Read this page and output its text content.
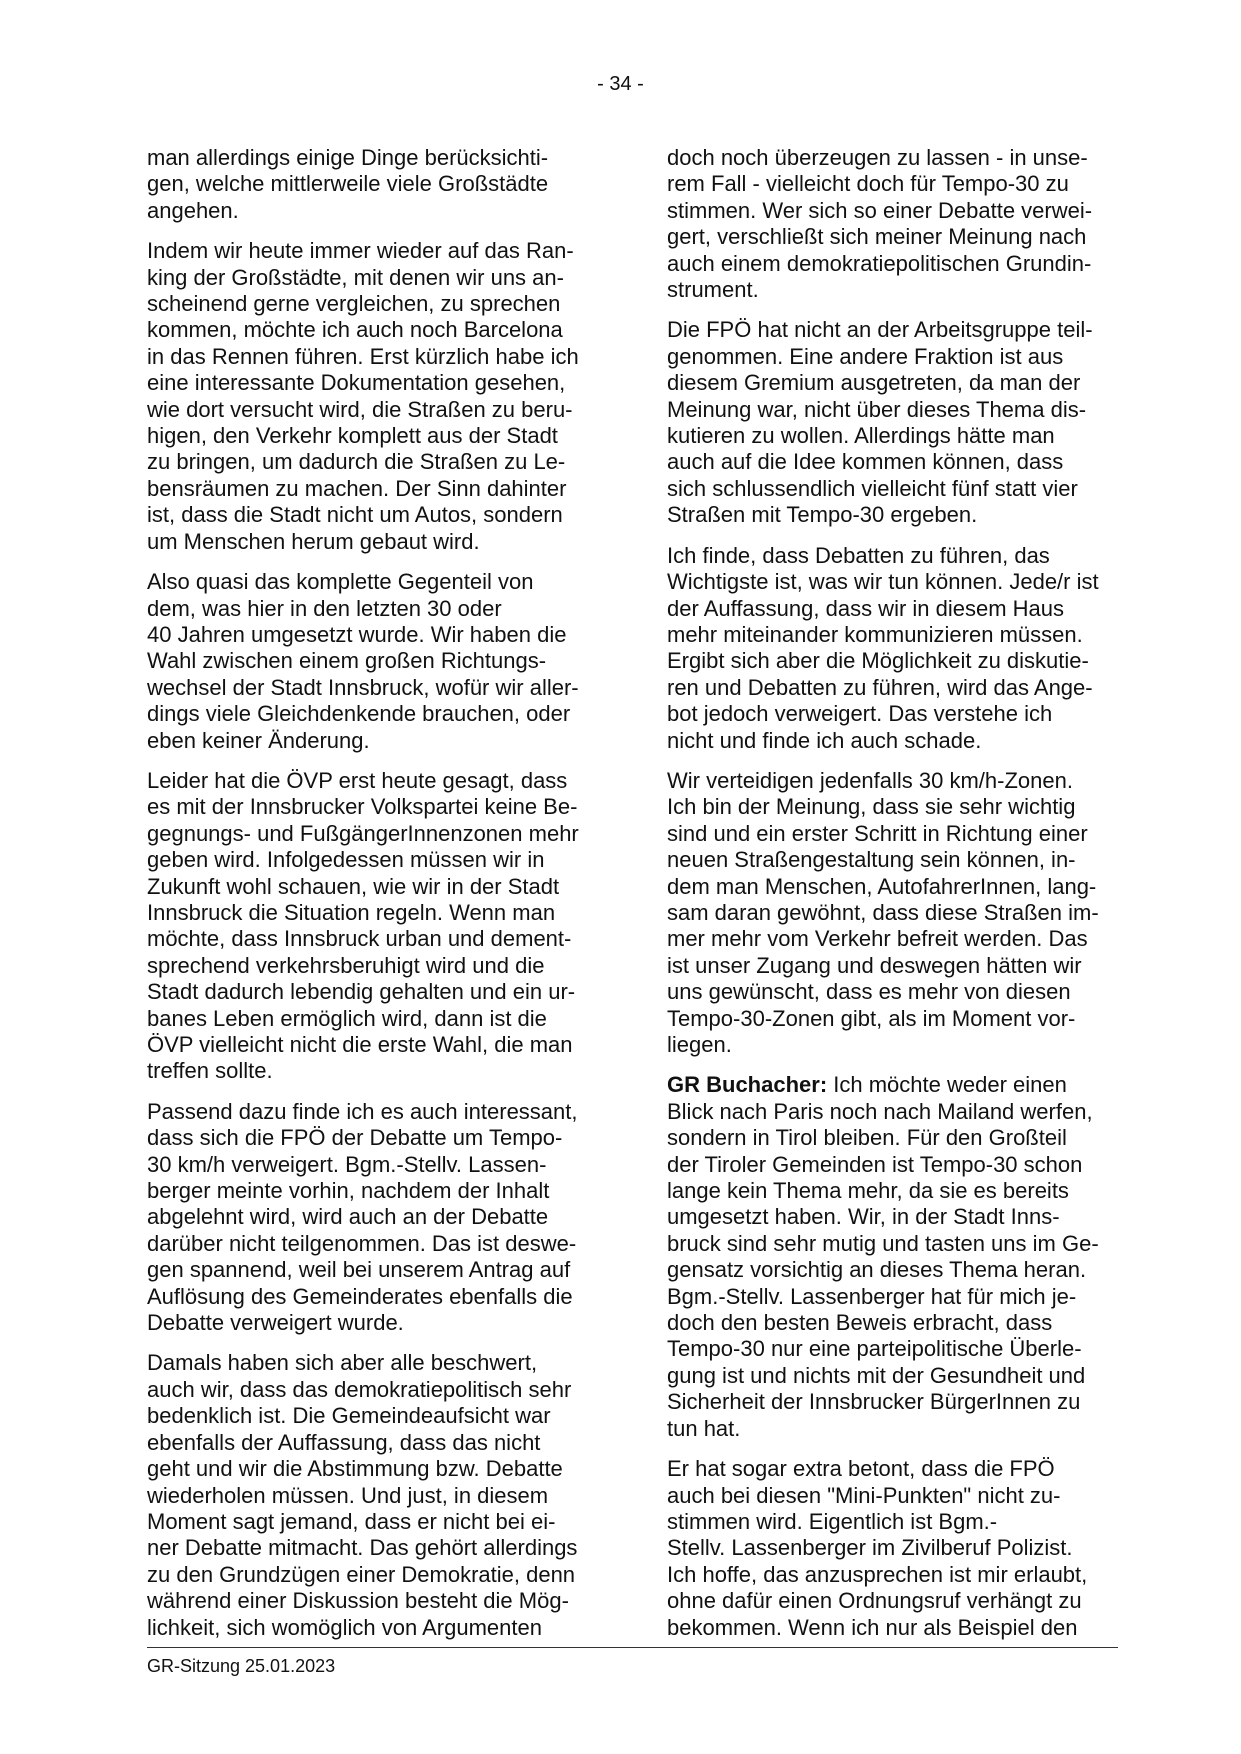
- 34 -

man allerdings einige Dinge berücksichti-
gen, welche mittlerweile viele Großstädte
angehen.

Indem wir heute immer wieder auf das Ran-
king der Großstädte, mit denen wir uns an-
scheinend gerne vergleichen, zu sprechen
kommen, möchte ich auch noch Barcelona
in das Rennen führen. Erst kürzlich habe ich
eine interessante Dokumentation gesehen,
wie dort versucht wird, die Straßen zu beru-
higen, den Verkehr komplett aus der Stadt
zu bringen, um dadurch die Straßen zu Le-
bensräumen zu machen. Der Sinn dahinter
ist, dass die Stadt nicht um Autos, sondern
um Menschen herum gebaut wird.

Also quasi das komplette Gegenteil von
dem, was hier in den letzten 30 oder
40 Jahren umgesetzt wurde. Wir haben die
Wahl zwischen einem großen Richtungs-
wechsel der Stadt Innsbruck, wofür wir aller-
dings viele Gleichdenkende brauchen, oder
eben keiner Änderung.

Leider hat die ÖVP erst heute gesagt, dass
es mit der Innsbrucker Volkspartei keine Be-
gegnungs- und FußgängerInnenzonen mehr
geben wird. Infolgedessen müssen wir in
Zukunft wohl schauen, wie wir in der Stadt
Innsbruck die Situation regeln. Wenn man
möchte, dass Innsbruck urban und dement-
sprechend verkehrsberuhigt wird und die
Stadt dadurch lebendig gehalten und ein ur-
banes Leben ermöglich wird, dann ist die
ÖVP vielleicht nicht die erste Wahl, die man
treffen sollte.

Passend dazu finde ich es auch interessant,
dass sich die FPÖ der Debatte um Tempo-
30 km/h verweigert. Bgm.-Stellv. Lassen-
berger meinte vorhin, nachdem der Inhalt
abgelehnt wird, wird auch an der Debatte
darüber nicht teilgenommen. Das ist deswe-
gen spannend, weil bei unserem Antrag auf
Auflösung des Gemeinderates ebenfalls die
Debatte verweigert wurde.

Damals haben sich aber alle beschwert,
auch wir, dass das demokratiepolitisch sehr
bedenklich ist. Die Gemeindeaufsicht war
ebenfalls der Auffassung, dass das nicht
geht und wir die Abstimmung bzw. Debatte
wiederholen müssen. Und just, in diesem
Moment sagt jemand, dass er nicht bei ei-
ner Debatte mitmacht. Das gehört allerdings
zu den Grundzügen einer Demokratie, denn
während einer Diskussion besteht die Mög-
lichkeit, sich womöglich von Argumenten

doch noch überzeugen zu lassen - in unse-
rem Fall - vielleicht doch für Tempo-30 zu
stimmen. Wer sich so einer Debatte verwei-
gert, verschließt sich meiner Meinung nach
auch einem demokratiepolitischen Grundin-
strument.

Die FPÖ hat nicht an der Arbeitsgruppe teil-
genommen. Eine andere Fraktion ist aus
diesem Gremium ausgetreten, da man der
Meinung war, nicht über dieses Thema dis-
kutieren zu wollen. Allerdings hätte man
auch auf die Idee kommen können, dass
sich schlussendlich vielleicht fünf statt vier
Straßen mit Tempo-30 ergeben.

Ich finde, dass Debatten zu führen, das
Wichtigste ist, was wir tun können. Jede/r ist
der Auffassung, dass wir in diesem Haus
mehr miteinander kommunizieren müssen.
Ergibt sich aber die Möglichkeit zu diskutie-
ren und Debatten zu führen, wird das Ange-
bot jedoch verweigert. Das verstehe ich
nicht und finde ich auch schade.

Wir verteidigen jedenfalls 30 km/h-Zonen.
Ich bin der Meinung, dass sie sehr wichtig
sind und ein erster Schritt in Richtung einer
neuen Straßengestaltung sein können, in-
dem man Menschen, AutofahrerInnen, lang-
sam daran gewöhnt, dass diese Straßen im-
mer mehr vom Verkehr befreit werden. Das
ist unser Zugang und deswegen hätten wir
uns gewünscht, dass es mehr von diesen
Tempo-30-Zonen gibt, als im Moment vor-
liegen.

GR Buchacher: Ich möchte weder einen
Blick nach Paris noch nach Mailand werfen,
sondern in Tirol bleiben. Für den Großteil
der Tiroler Gemeinden ist Tempo-30 schon
lange kein Thema mehr, da sie es bereits
umgesetzt haben. Wir, in der Stadt Inns-
bruck sind sehr mutig und tasten uns im Ge-
gensatz vorsichtig an dieses Thema heran.
Bgm.-Stellv. Lassenberger hat für mich je-
doch den besten Beweis erbracht, dass
Tempo-30 nur eine parteipolitische Überle-
gung ist und nichts mit der Gesundheit und
Sicherheit der Innsbrucker BürgerInnen zu
tun hat.

Er hat sogar extra betont, dass die FPÖ
auch bei diesen "Mini-Punkten" nicht zu-
stimmen wird. Eigentlich ist Bgm.-
Stellv. Lassenberger im Zivilberuf Polizist.
Ich hoffe, das anzusprechen ist mir erlaubt,
ohne dafür einen Ordnungsruf verhängt zu
bekommen. Wenn ich nur als Beispiel den

GR-Sitzung 25.01.2023
